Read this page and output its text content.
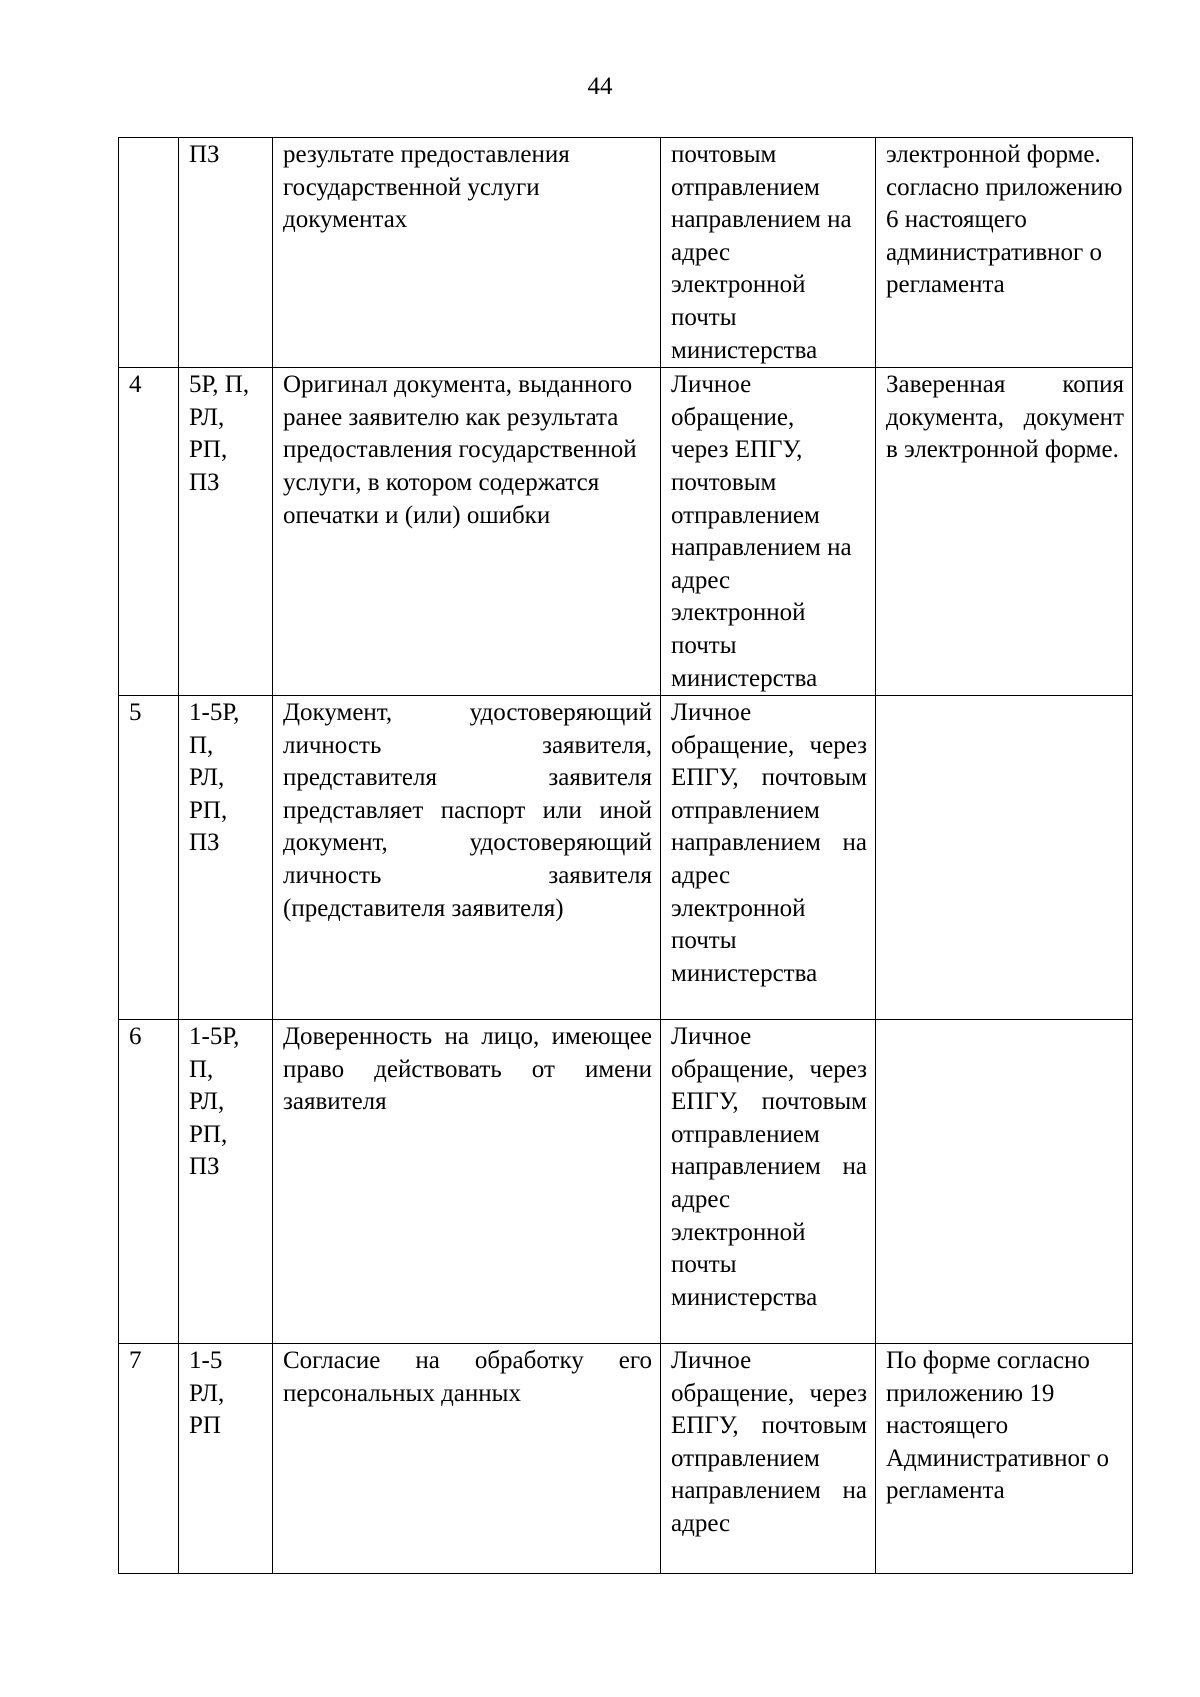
44
	ПЗ	результате предоставления государственной услуги документах	почтовым отправлением направлением на адрес электронной почты министерства	электронной форме. согласно приложению 6 настоящего административног о регламента
4	5Р, П, РЛ, РП, ПЗ	Оригинал документа, выданного ранее заявителю как результата предоставления государственной услуги, в котором содержатся опечатки и (или) ошибки	Личное обращение, через ЕПГУ, почтовым отправлением направлением на адрес электронной почты министерства	Заверенная копия документа, документ в электронной форме.
5	1-5Р, П, РЛ, РП, ПЗ	Документ, удостоверяющий личность заявителя, представителя заявителя представляет паспорт или иной документ, удостоверяющий личность заявителя (представителя заявителя)	Личное обращение, через ЕПГУ, почтовым отправлением направлением на адрес электронной почты министерства	
6	1-5Р, П, РЛ, РП, ПЗ	Доверенность на лицо, имеющее право действовать от имени заявителя	Личное обращение, через ЕПГУ, почтовым отправлением направлением на адрес электронной почты министерства	
7	1-5 РЛ, РП	Согласие на обработку его персональных данных	Личное обращение, через ЕПГУ, почтовым отправлением направлением на адрес	По форме согласно приложению 19 настоящего Административног о регламента
